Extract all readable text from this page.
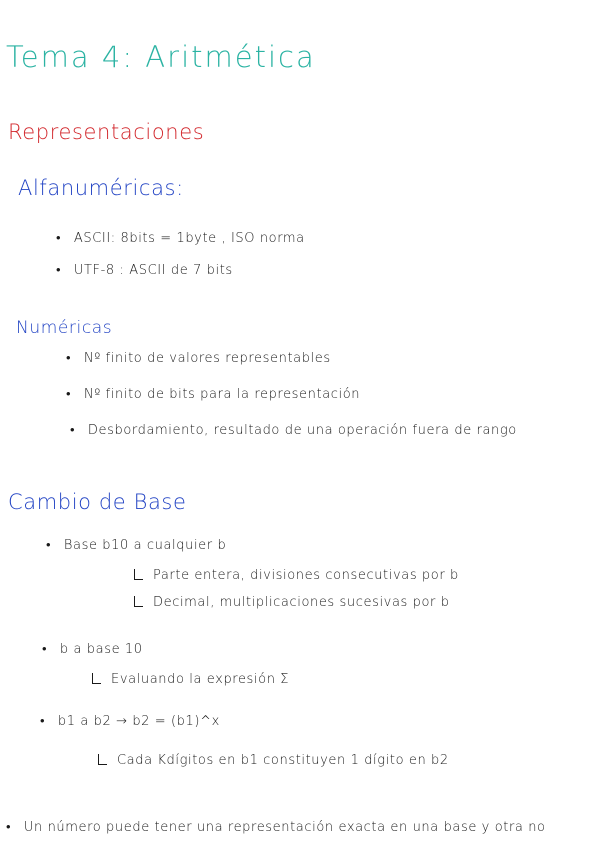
Tema 4: Aritmética
Representaciones
Alfanuméricas:
• ASCII: 8bits = 1byte , ISO norma
• UTF-8 : ASCII de 7 bits
Numéricas
• Nº finito de valores representables
• Nº finito de bits para la representación
• Desbordamiento, resultado de una operación fuera de rango
Cambio de Base
• Base b10 a cualquier b
Parte entera, divisiones consecutivas por b
Decimal, multiplicaciones sucesivas por b
• b a base 10
Evaluando la expresión Σ
• b1 a b2 → b2 = (b1)^x
Cada Kdígitos en b1 constituyen 1 dígito en b2
• Un número puede tener una representación exacta en una base y otra no
